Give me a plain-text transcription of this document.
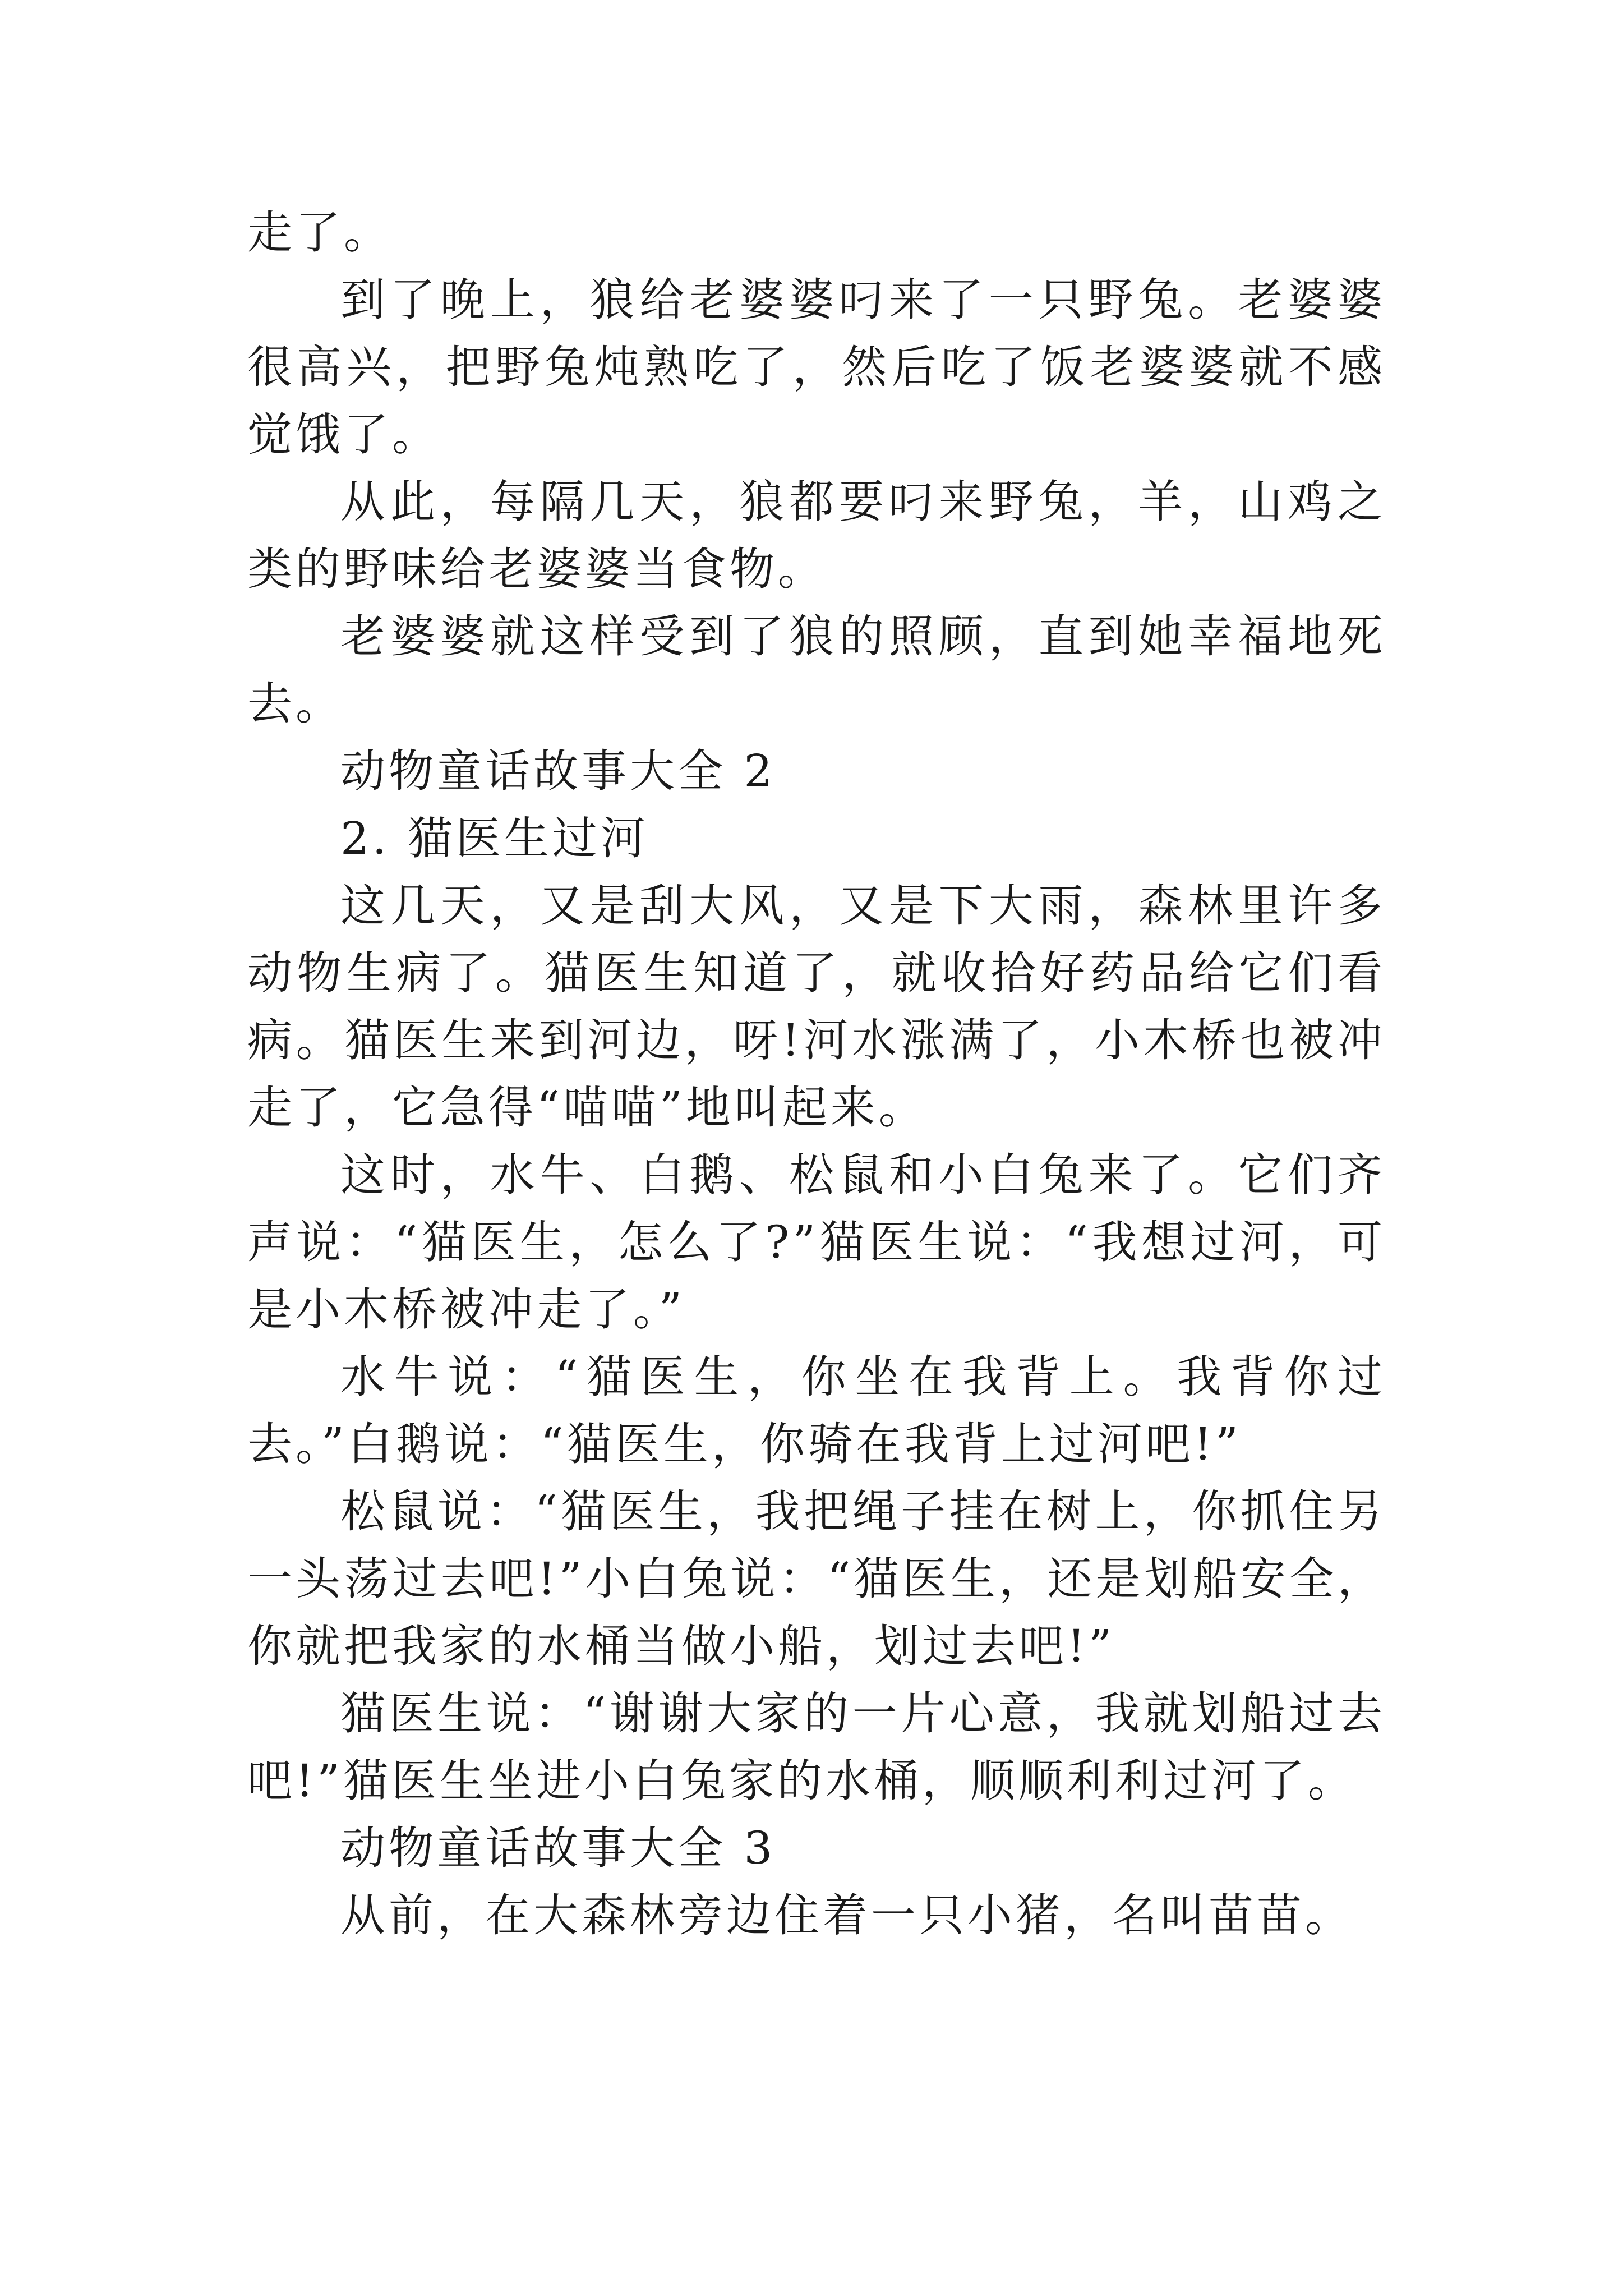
走了。

到了晚上，狼给老婆婆叼来了一只野兔。老婆婆很高兴，把野兔炖熟吃了，然后吃了饭老婆婆就不感觉饿了。

从此，每隔几天，狼都要叼来野兔，羊，山鸡之类的野味给老婆婆当食物。

老婆婆就这样受到了狼的照顾，直到她幸福地死去。

动物童话故事大全 2

2. 猫医生过河

这几天，又是刮大风，又是下大雨，森林里许多动物生病了。猫医生知道了，就收拾好药品给它们看病。猫医生来到河边，呀!河水涨满了，小木桥也被冲走了，它急得“喵喵”地叫起来。

这时，水牛、白鹅、松鼠和小白兔来了。它们齐声说：“猫医生，怎么了?”猫医生说：“我想过河，可是小木桥被冲走了。”

水牛说：“猫医生，你坐在我背上。我背你过去。”白鹅说：“猫医生，你骑在我背上过河吧!”

松鼠说：“猫医生，我把绳子挂在树上，你抓住另一头荡过去吧!”小白兔说：“猫医生，还是划船安全，你就把我家的水桶当做小船，划过去吧!”

猫医生说：“谢谢大家的一片心意，我就划船过去吧!”猫医生坐进小白兔家的水桶，顺顺利利过河了。

动物童话故事大全 3

从前，在大森林旁边住着一只小猪，名叫苗苗。
